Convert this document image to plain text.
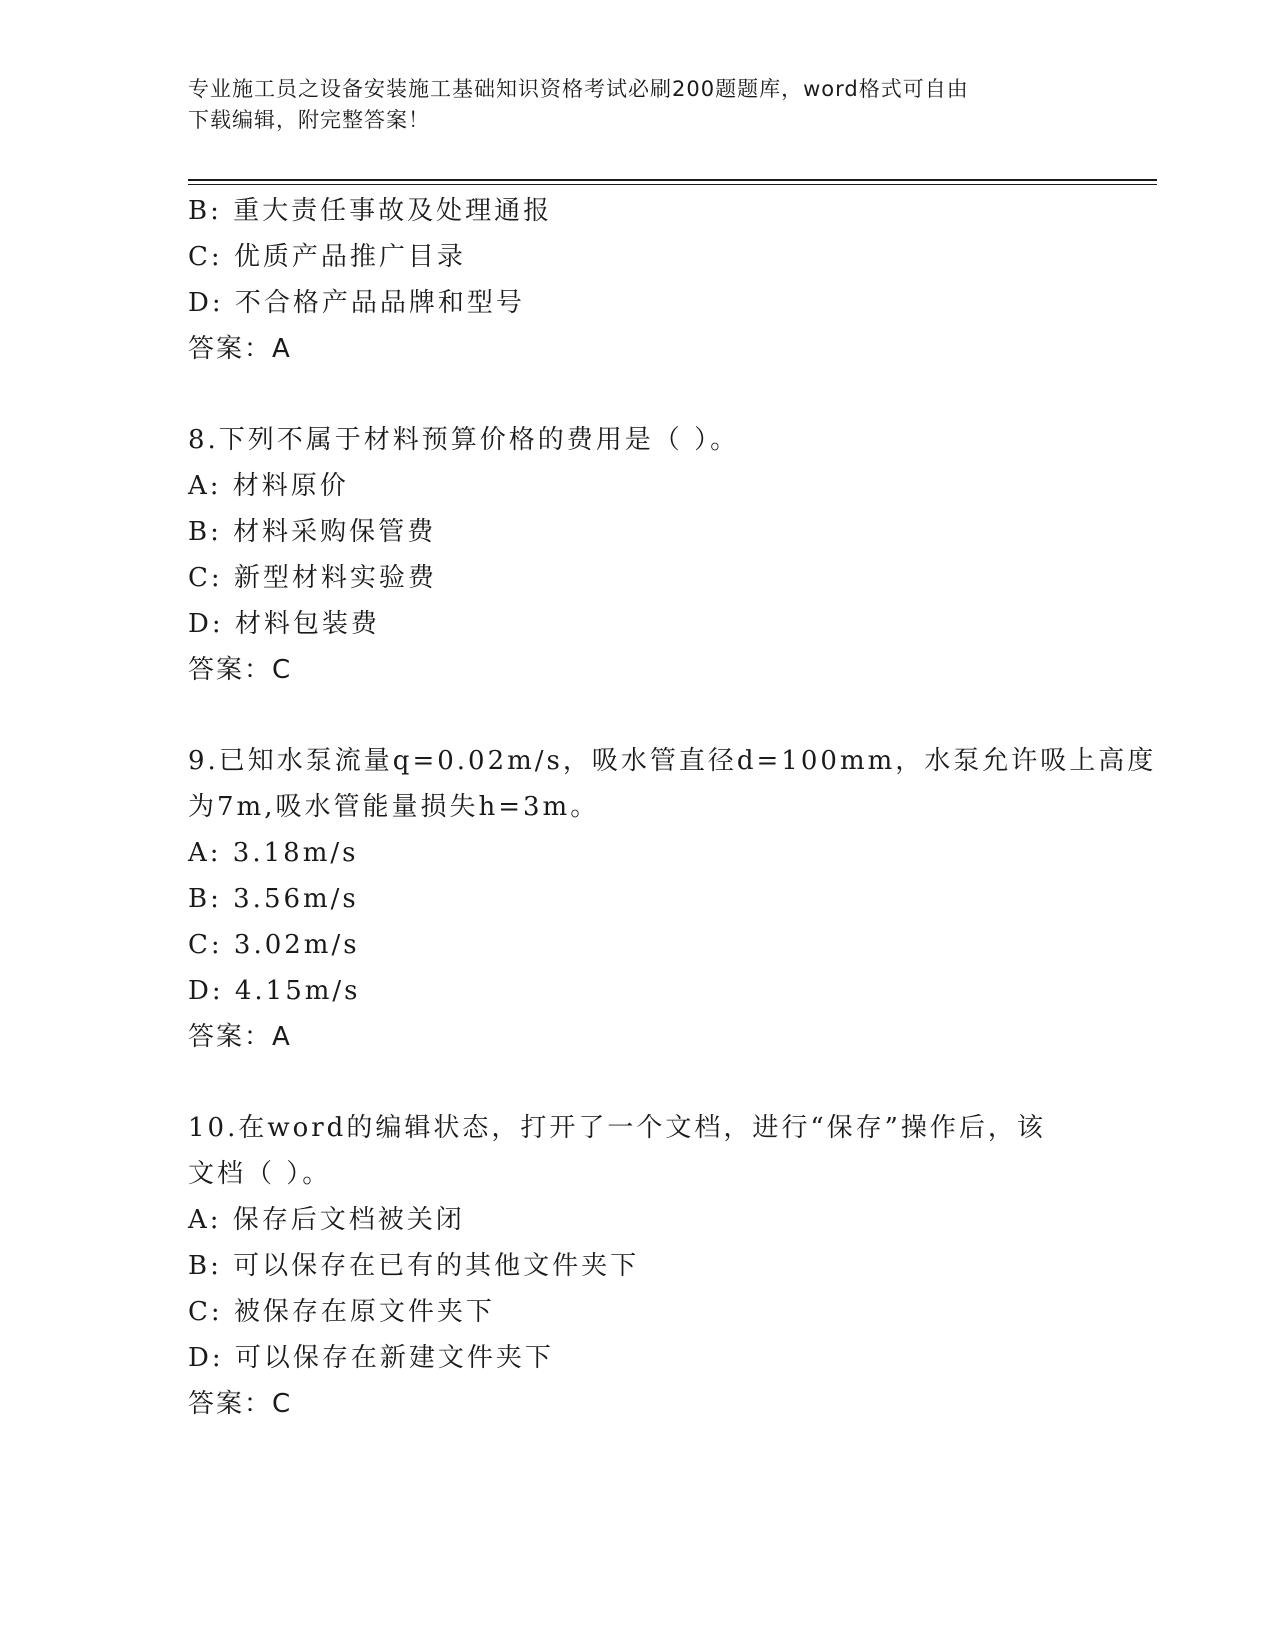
专业施工员之设备安装施工基础知识资格考试必刷200题题库，word格式可自由
下载编辑，附完整答案！
B: 重大责任事故及处理通报
C: 优质产品推广目录
D: 不合格产品品牌和型号
答案：A
8.下列不属于材料预算价格的费用是（ ）。
A: 材料原价
B: 材料采购保管费
C: 新型材料实验费
D: 材料包装费
答案：C
9.已知水泵流量q=0.02m/s，吸水管直径d=100mm，水泵允许吸上高度
为7m,吸水管能量损失h=3m。
A: 3.18m/s
B: 3.56m/s
C: 3.02m/s
D: 4.15m/s
答案：A
10.在word的编辑状态，打开了一个文档，进行“保存”操作后，该
文档（ ）。
A: 保存后文档被关闭
B: 可以保存在已有的其他文件夹下
C: 被保存在原文件夹下
D: 可以保存在新建文件夹下
答案：C
